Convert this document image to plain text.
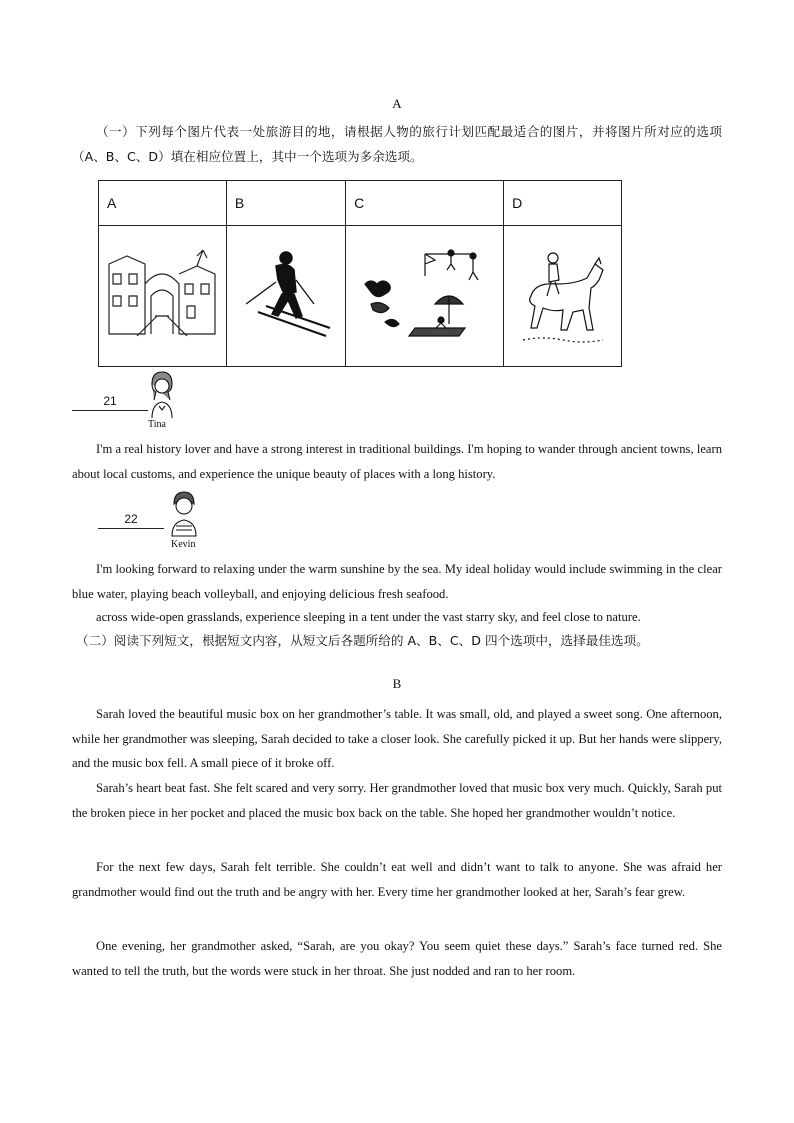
A

（一）下列每个图片代表一处旅游目的地，请根据人物的旅行计划匹配最适合的图片，并将图片所对应的选项（A、B、C、D）填在相应位置上，其中一个选项为多余选项。

A	B	C	D

21
Tina

I'm a real history lover and have a strong interest in traditional buildings. I'm hoping to wander through ancient towns, learn about local customs, and experience the unique beauty of places with a long history.

22
Kevin

I'm looking forward to relaxing under the warm sunshine by the sea. My ideal holiday would include swimming in the clear blue water, playing beach volleyball, and enjoying delicious fresh seafood.

across wide-open grasslands, experience sleeping in a tent under the vast starry sky, and feel close to nature.

（二）阅读下列短文，根据短文内容，从短文后各题所给的 A、B、C、D 四个选项中，选择最佳选项。

B

Sarah loved the beautiful music box on her grandmother’s table. It was small, old, and played a sweet song. One afternoon, while her grandmother was sleeping, Sarah decided to take a closer look. She carefully picked it up. But her hands were slippery, and the music box fell. A small piece of it broke off.

Sarah’s heart beat fast. She felt scared and very sorry. Her grandmother loved that music box very much. Quickly, Sarah put the broken piece in her pocket and placed the music box back on the table. She hoped her grandmother wouldn’t notice.

For the next few days, Sarah felt terrible. She couldn’t eat well and didn’t want to talk to anyone. She was afraid her grandmother would find out the truth and be angry with her. Every time her grandmother looked at her, Sarah’s fear grew.

One evening, her grandmother asked, “Sarah, are you okay? You seem quiet these days.” Sarah’s face turned red. She wanted to tell the truth, but the words were stuck in her throat. She just nodded and ran to her room.
